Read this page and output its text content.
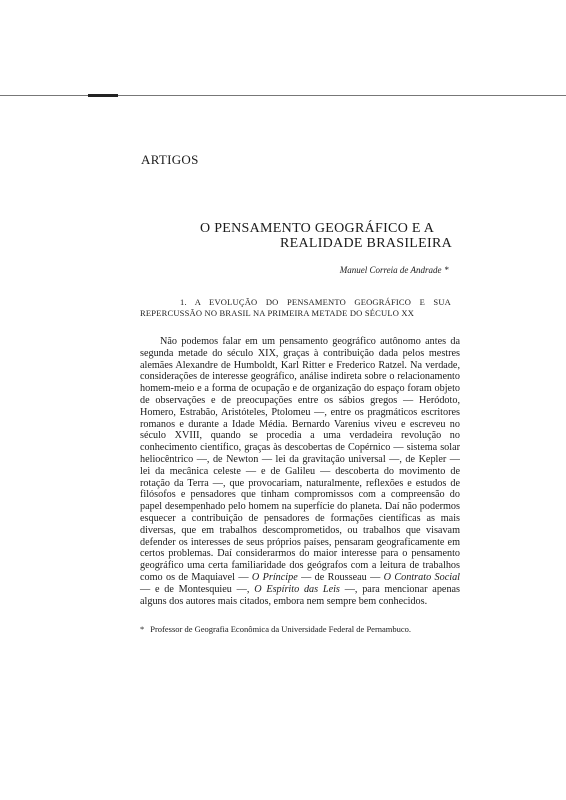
ARTIGOS
O PENSAMENTO GEOGRÁFICO E A
REALIDADE BRASILEIRA
Manuel Correia de Andrade *
1. A EVOLUÇÃO DO PENSAMENTO GEOGRÁFICO E SUA REPERCUSSÃO NO BRASIL NA PRIMEIRA METADE DO SÉCULO XX

Não podemos falar em um pensamento geográfico autônomo antes da segunda metade do século XIX, graças à contribuição dada pelos mestres alemães Alexandre de Humboldt, Karl Ritter e Frederico Ratzel. Na verdade, considerações de interesse geográfico, análise indireta sobre o relacionamento homem-meio e a forma de ocupação e de organização do espaço foram objeto de observações e de preocupações entre os sábios gregos — Heródoto, Homero, Estrabão, Aristóteles, Ptolomeu —, entre os pragmáticos escritores romanos e durante a Idade Média. Bernardo Varenius viveu e escreveu no século XVIII, quando se procedia a uma verdadeira revolução no conhecimento científico, graças às descobertas de Copérnico — sistema solar heliocêntrico —, de Newton — lei da gravitação universal —, de Kepler — lei da mecânica celeste — e de Galileu — descoberta do movimento de rotação da Terra —, que provocariam, naturalmente, reflexões e estudos de filósofos e pensadores que tinham compromissos com a compreensão do papel desempenhado pelo homem na superfície do planeta. Daí não podermos esquecer a contribuição de pensadores de formações científicas as mais diversas, que em trabalhos descomprometidos, ou trabalhos que visavam defender os interesses de seus próprios países, pensaram geograficamente em certos problemas. Daí considerarmos do maior interesse para o pensamento geográfico uma certa familiaridade dos geógrafos com a leitura de trabalhos como os de Maquiavel — O Príncipe — de Rousseau — O Contrato Social — e de Montesquieu —, O Espírito das Leis —, para mencionar apenas alguns dos autores mais citados, embora nem sempre bem conhecidos.

* Professor de Geografia Econômica da Universidade Federal de Pernambuco.
